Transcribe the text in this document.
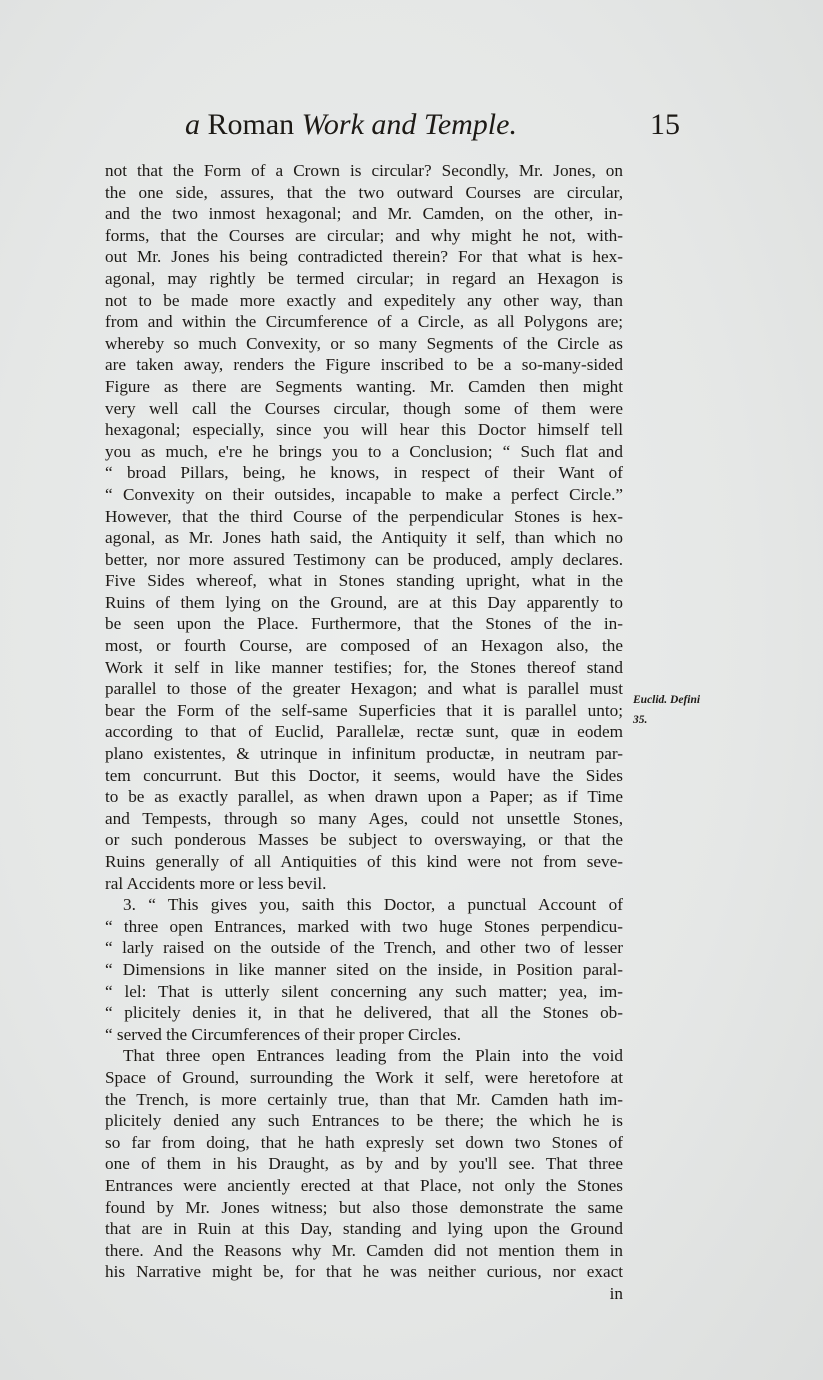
a Roman Work and Temple.	15
not that the Form of a Crown is circular? Secondly, Mr. Jones, on
the one side, assures, that the two outward Courses are circular,
and the two inmost hexagonal; and Mr. Camden, on the other, in-
forms, that the Courses are circular; and why might he not, with-
out Mr. Jones his being contradicted therein? For that what is hex-
agonal, may rightly be termed circular; in regard an Hexagon is
not to be made more exactly and expeditely any other way, than
from and within the Circumference of a Circle, as all Polygons are;
whereby so much Convexity, or so many Segments of the Circle as
are taken away, renders the Figure inscribed to be a so-many-sided
Figure as there are Segments wanting. Mr. Camden then might
very well call the Courses circular, though some of them were
hexagonal; especially, since you will hear this Doctor himself tell
you as much, e're he brings you to a Conclusion; “ Such flat and
“ broad Pillars, being, he knows, in respect of their Want of
“ Convexity on their outsides, incapable to make a perfect Circle.”
However, that the third Course of the perpendicular Stones is hex-
agonal, as Mr. Jones hath said, the Antiquity it self, than which no
better, nor more assured Testimony can be produced, amply declares.
Five Sides whereof, what in Stones standing upright, what in the
Ruins of them lying on the Ground, are at this Day apparently to
be seen upon the Place. Furthermore, that the Stones of the in-
most, or fourth Course, are composed of an Hexagon also, the
Work it self in like manner testifies; for, the Stones thereof stand
parallel to those of the greater Hexagon; and what is parallel must
bear the Form of the self-same Superficies that it is parallel unto;
according to that of Euclid, Parallelæ, rectæ sunt, quæ in eodem
plano existentes, & utrinque in infinitum productæ, in neutram par-
tem concurrunt. But this Doctor, it seems, would have the Sides
to be as exactly parallel, as when drawn upon a Paper; as if Time
and Tempests, through so many Ages, could not unsettle Stones,
or such ponderous Masses be subject to overswaying, or that the
Ruins generally of all Antiquities of this kind were not from seve-
ral Accidents more or less bevil.
3. “ This gives you, saith this Doctor, a punctual Account of
“ three open Entrances, marked with two huge Stones perpendicu-
“ larly raised on the outside of the Trench, and other two of lesser
“ Dimensions in like manner sited on the inside, in Position paral-
“ lel: That is utterly silent concerning any such matter; yea, im-
“ plicitely denies it, in that he delivered, that all the Stones ob-
“ served the Circumferences of their proper Circles.
That three open Entrances leading from the Plain into the void
Space of Ground, surrounding the Work it self, were heretofore at
the Trench, is more certainly true, than that Mr. Camden hath im-
plicitely denied any such Entrances to be there; the which he is
so far from doing, that he hath expresly set down two Stones of
one of them in his Draught, as by and by you'll see. That three
Entrances were anciently erected at that Place, not only the Stones
found by Mr. Jones witness; but also those demonstrate the same
that are in Ruin at this Day, standing and lying upon the Ground
there. And the Reasons why Mr. Camden did not mention them in
his Narrative might be, for that he was neither curious, nor exact
in
Euclid. Defini
35.
